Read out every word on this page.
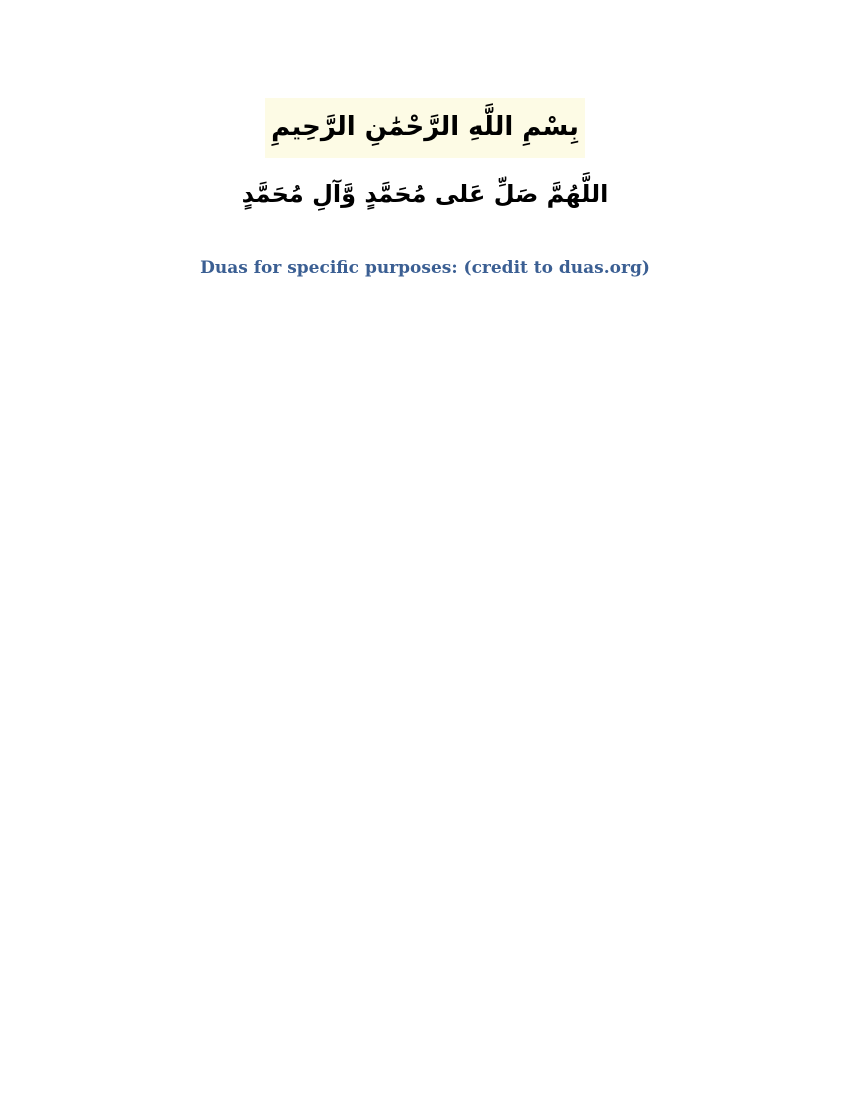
بِسْمِ اللَّهِ الرَّحْمَٰنِ الرَّحِيمِ
اللَّهُمَّ صَلِّ عَلى مُحَمَّدٍ وَّآلِ مُحَمَّدٍ
Duas for specific purposes: (credit to duas.org)
